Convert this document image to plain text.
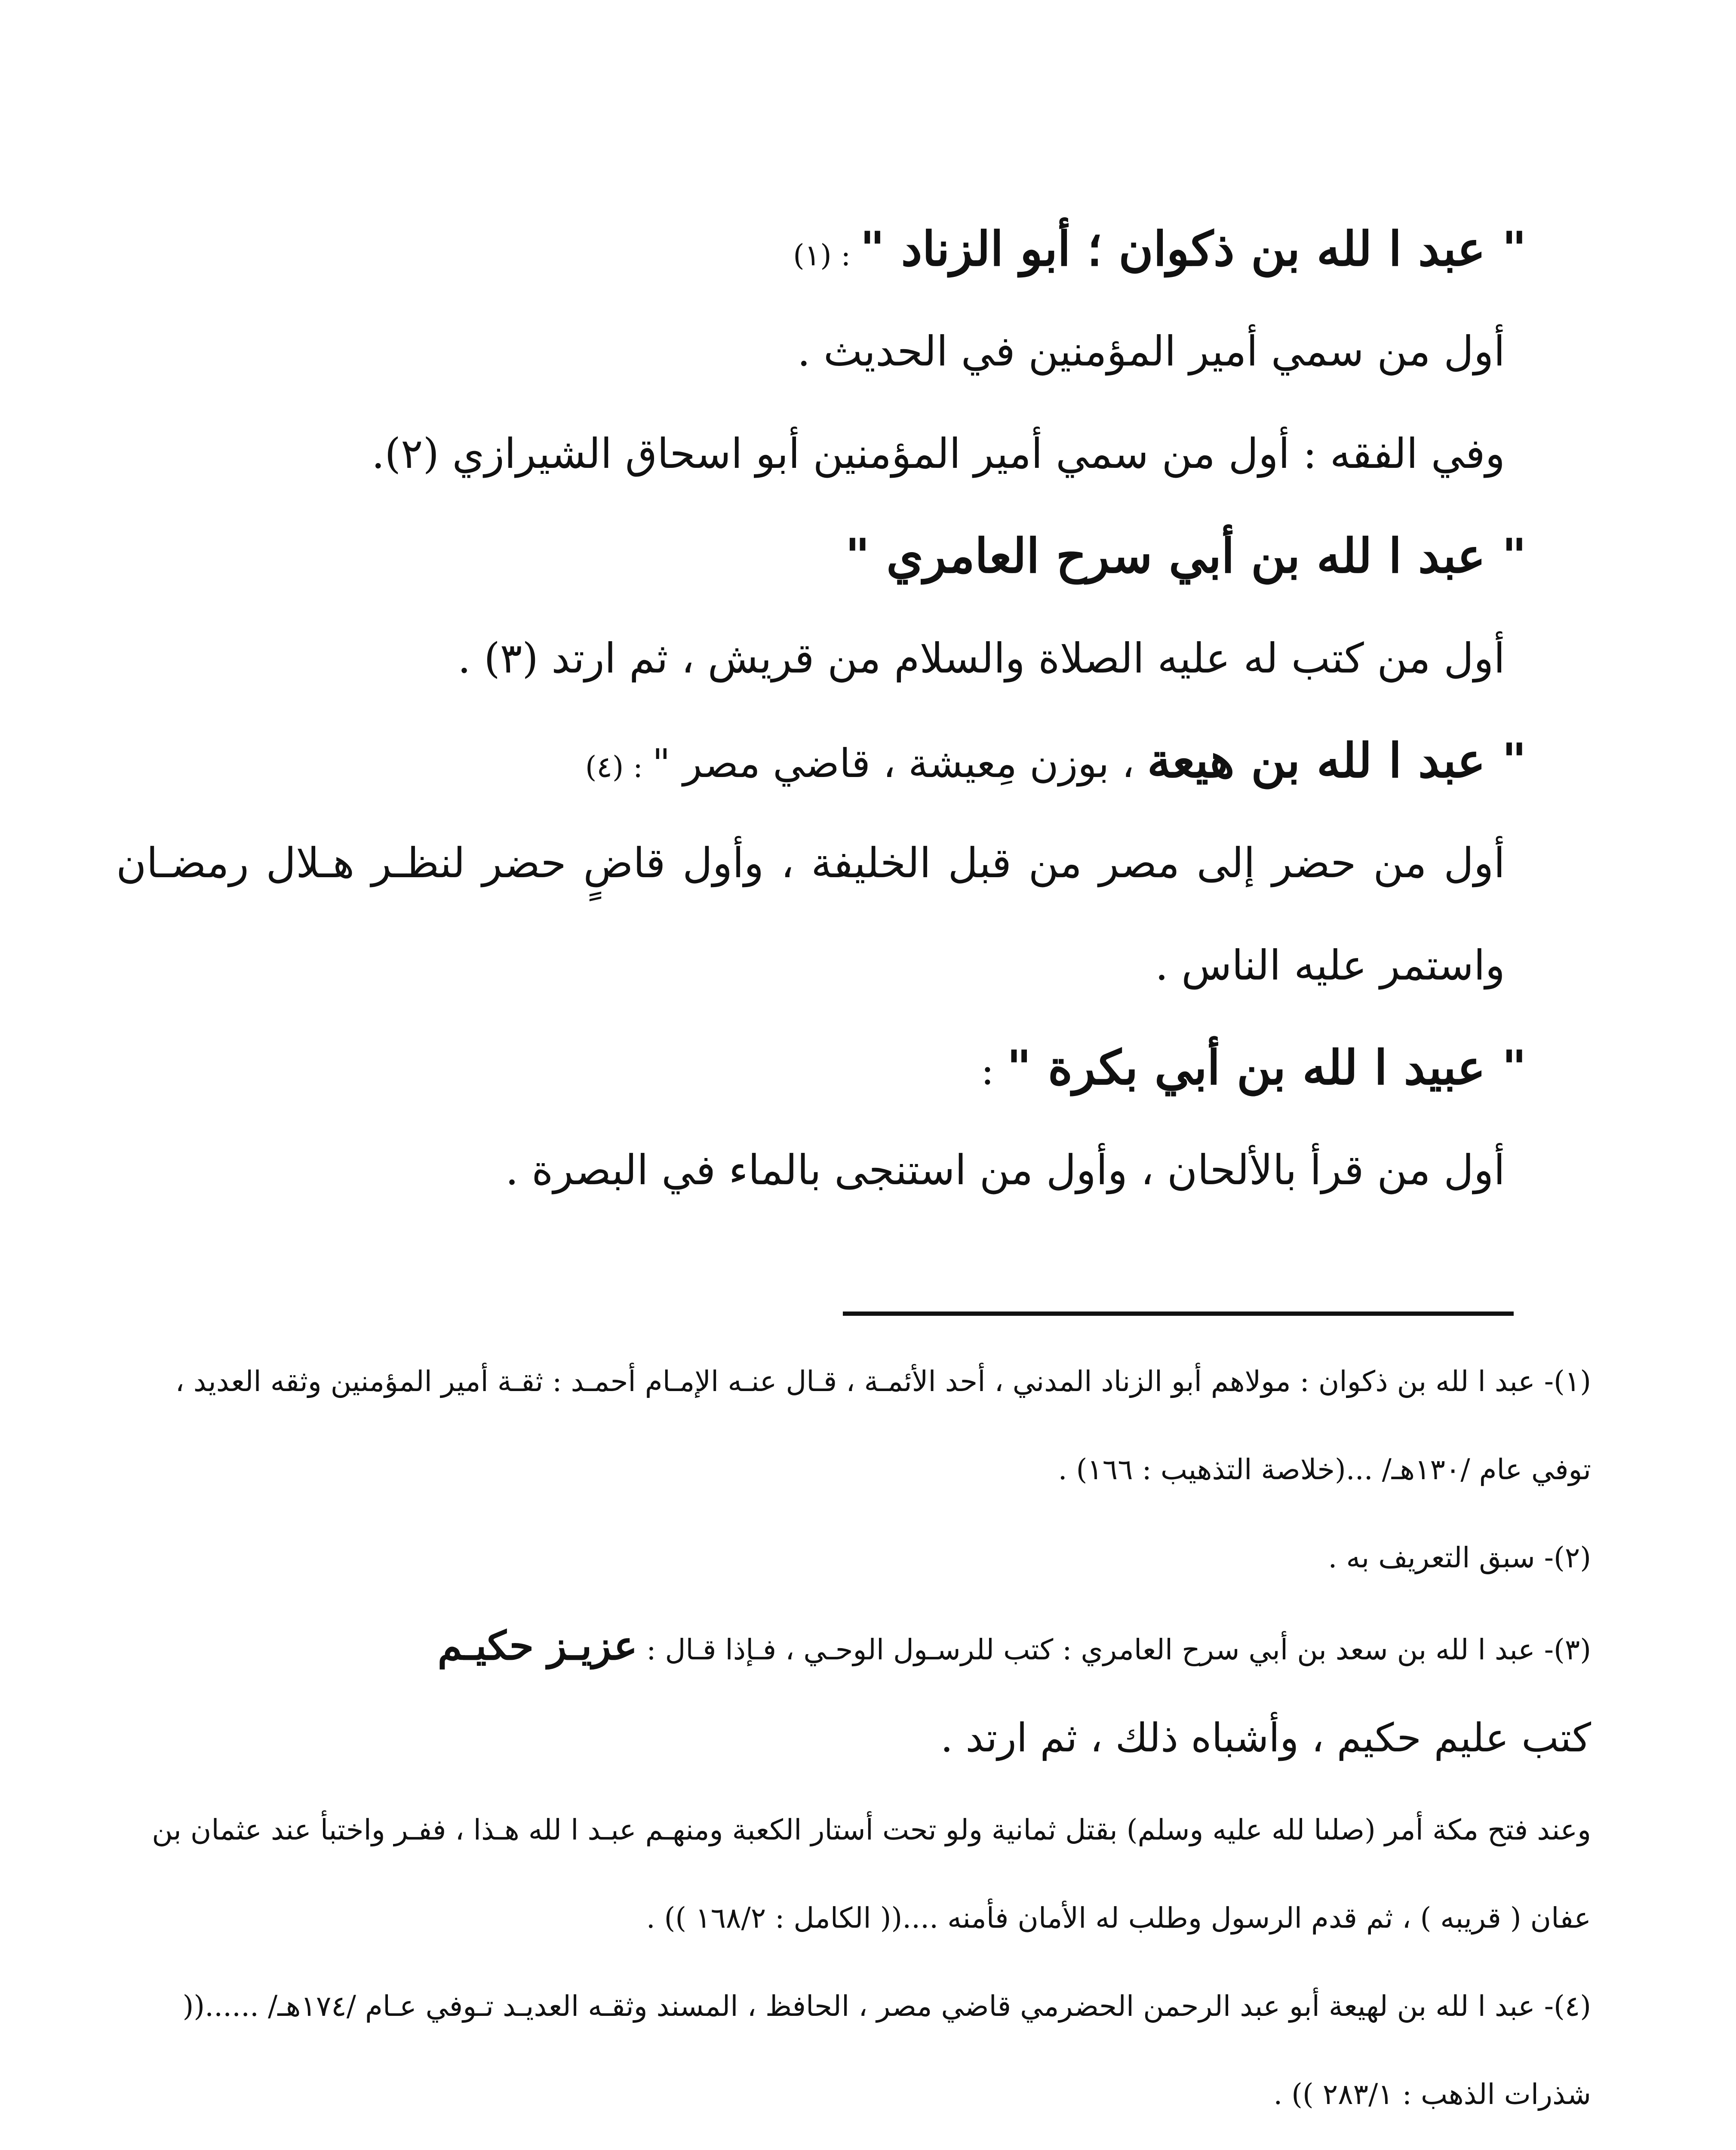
" عبد ا لله بن ذكوان ؛ أبو الزناد " : (١)
أول من سمي أمير المؤمنين في الحديث .
وفي الفقه : أول من سمي أمير المؤمنين أبو اسحاق الشيرازي (٢).
" عبد ا لله بن أبي سرح العامري "
أول من كتب له عليه الصلاة والسلام من قريش ، ثم ارتد (٣) .
" عبد ا لله بن هيعة ، بوزن مِعيشة ، قاضي مصر " : (٤)
أول من حضر إلى مصر من قبل الخليفة ، وأول قاضٍ حضر لنظـر هـلال رمضـان واستمر عليه الناس .
" عبيد ا لله بن أبي بكرة " :
أول من قرأ بالألحان ، وأول من استنجى بالماء في البصرة .
(١)- عبد ا لله بن ذكوان : مولاهم أبو الزناد المدني ، أحد الأئمـة ، قـال عنـه الإمـام أحمـد : ثقـة أمير المؤمنين وثقه العديد ، توفي عام /١٣٠هـ/ ...(خلاصة التذهيب : ١٦٦) .
(٢)- سبق التعريف به .
(٣)- عبد ا لله بن سعد بن أبي سرح العامري : كتب للرسـول الوحـي ، فـإذا قـال : عزيـز حكيـم
كتب عليم حكيم ، وأشباه ذلك ، ثم ارتد .
وعند فتح مكة أمر (صلىا لله عليه وسلم) بقتل ثمانية ولو تحت أستار الكعبة ومنهـم عبـد ا لله هـذا ، ففـر واختبأ عند عثمان بن عفان ( قريبه ) ، ثم قدم الرسول وطلب له الأمان فأمنه ....(( الكامل : ١٦٨/٢ )) .
(٤)- عبد ا لله بن لهيعة أبو عبد الرحمن الحضرمي قاضي مصر ، الحافظ ، المسند وثقـه العديـد تـوفي عـام /١٧٤هـ/ ......(( شذرات الذهب : ٢٨٣/١ )) .
